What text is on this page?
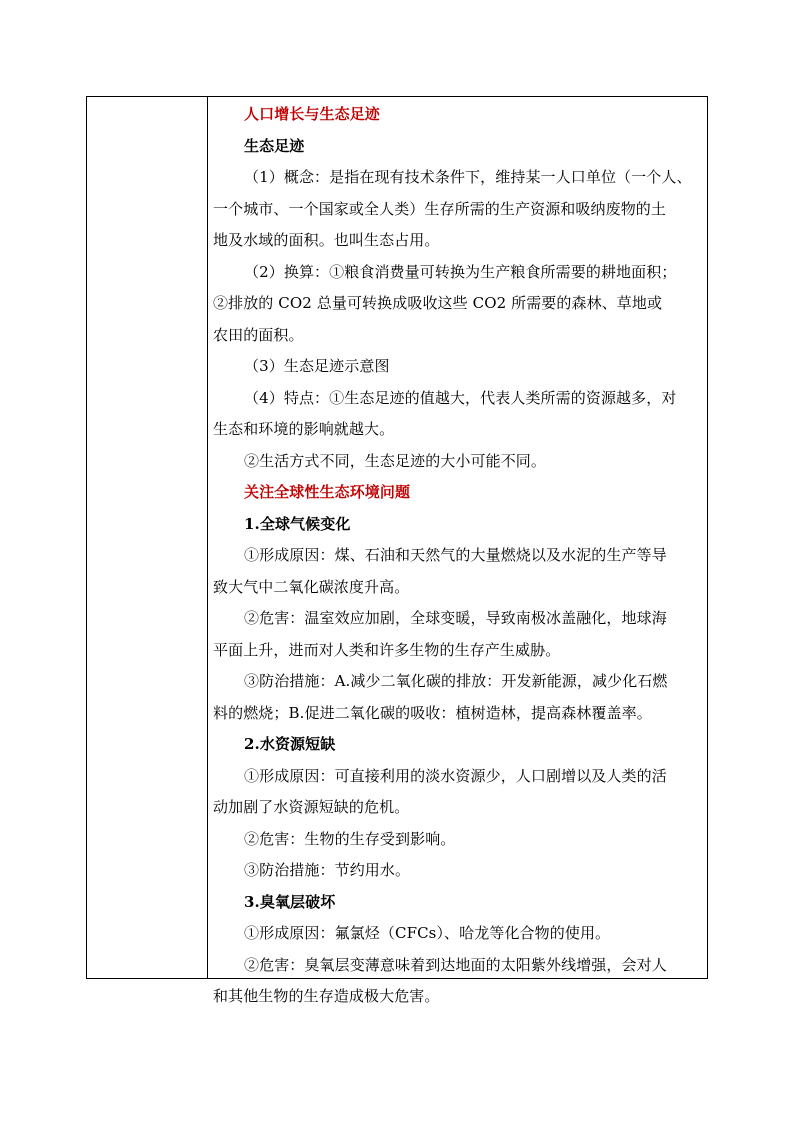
人口增长与生态足迹
生态足迹
（1）概念：是指在现有技术条件下，维持某一人口单位（一个人、
一个城市、一个国家或全人类）生存所需的生产资源和吸纳废物的土
地及水域的面积。也叫生态占用。
（2）换算：①粮食消费量可转换为生产粮食所需要的耕地面积；
②排放的 CO2 总量可转换成吸收这些 CO2 所需要的森林、草地或
农田的面积。
（3）生态足迹示意图
（4）特点：①生态足迹的值越大，代表人类所需的资源越多，对
生态和环境的影响就越大。
②生活方式不同，生态足迹的大小可能不同。
关注全球性生态环境问题
1.全球气候变化
①形成原因：煤、石油和天然气的大量燃烧以及水泥的生产等导
致大气中二氧化碳浓度升高。
②危害：温室效应加剧，全球变暖，导致南极冰盖融化，地球海
平面上升，进而对人类和许多生物的生存产生威胁。
③防治措施：A.减少二氧化碳的排放：开发新能源，减少化石燃
料的燃烧；B.促进二氧化碳的吸收：植树造林，提高森林覆盖率。
2.水资源短缺
①形成原因：可直接利用的淡水资源少，人口剧增以及人类的活
动加剧了水资源短缺的危机。
②危害：生物的生存受到影响。
③防治措施：节约用水。
3.臭氧层破坏
①形成原因：氟氯烃（CFCs）、哈龙等化合物的使用。
②危害：臭氧层变薄意味着到达地面的太阳紫外线增强，会对人
和其他生物的生存造成极大危害。
